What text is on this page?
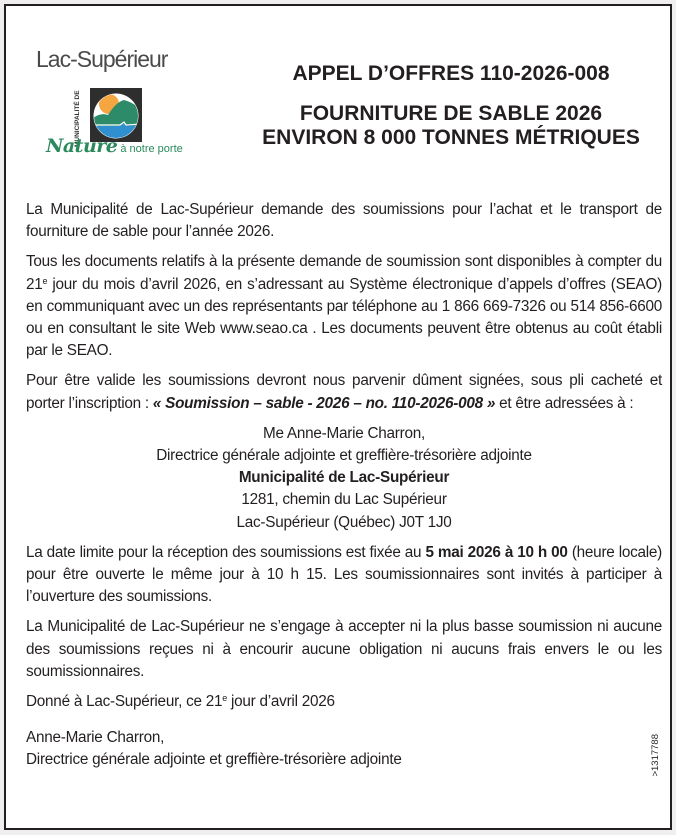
Lac-Supérieur
MUNICIPALITÉ DE
Nature à notre porte
APPEL D’OFFRES 110-2026-008
FOURNITURE DE SABLE 2026
ENVIRON 8 000 TONNES MÉTRIQUES

La Municipalité de Lac-Supérieur demande des soumissions pour l’achat et le transport de fourniture de sable pour l’année 2026.

Tous les documents relatifs à la présente demande de soumission sont disponibles à compter du 21e jour du mois d’avril 2026, en s’adressant au Système électronique d’appels d’offres (SEAO) en communiquant avec un des représentants par téléphone au 1 866 669-7326 ou 514 856-6600 ou en consultant le site Web www.seao.ca . Les documents peuvent être obtenus au coût établi par le SEAO.

Pour être valide les soumissions devront nous parvenir dûment signées, sous pli cacheté et porter l’inscription : « Soumission – sable - 2026 – no. 110-2026-008 » et être adressées à :

Me Anne-Marie Charron,
Directrice générale adjointe et greffière-trésorière adjointe
Municipalité de Lac-Supérieur
1281, chemin du Lac Supérieur
Lac-Supérieur (Québec) J0T 1J0

La date limite pour la réception des soumissions est fixée au 5 mai 2026 à 10 h 00 (heure locale) pour être ouverte le même jour à 10 h 15. Les soumissionnaires sont invités à participer à l’ouverture des soumissions.

La Municipalité de Lac-Supérieur ne s’engage à accepter ni la plus basse soumission ni aucune des soumissions reçues ni à encourir aucune obligation ni aucuns frais envers le ou les soumissionnaires.

Donné à Lac-Supérieur, ce 21e jour d’avril 2026

Anne-Marie Charron,
Directrice générale adjointe et greffière-trésorière adjointe	>1317788
